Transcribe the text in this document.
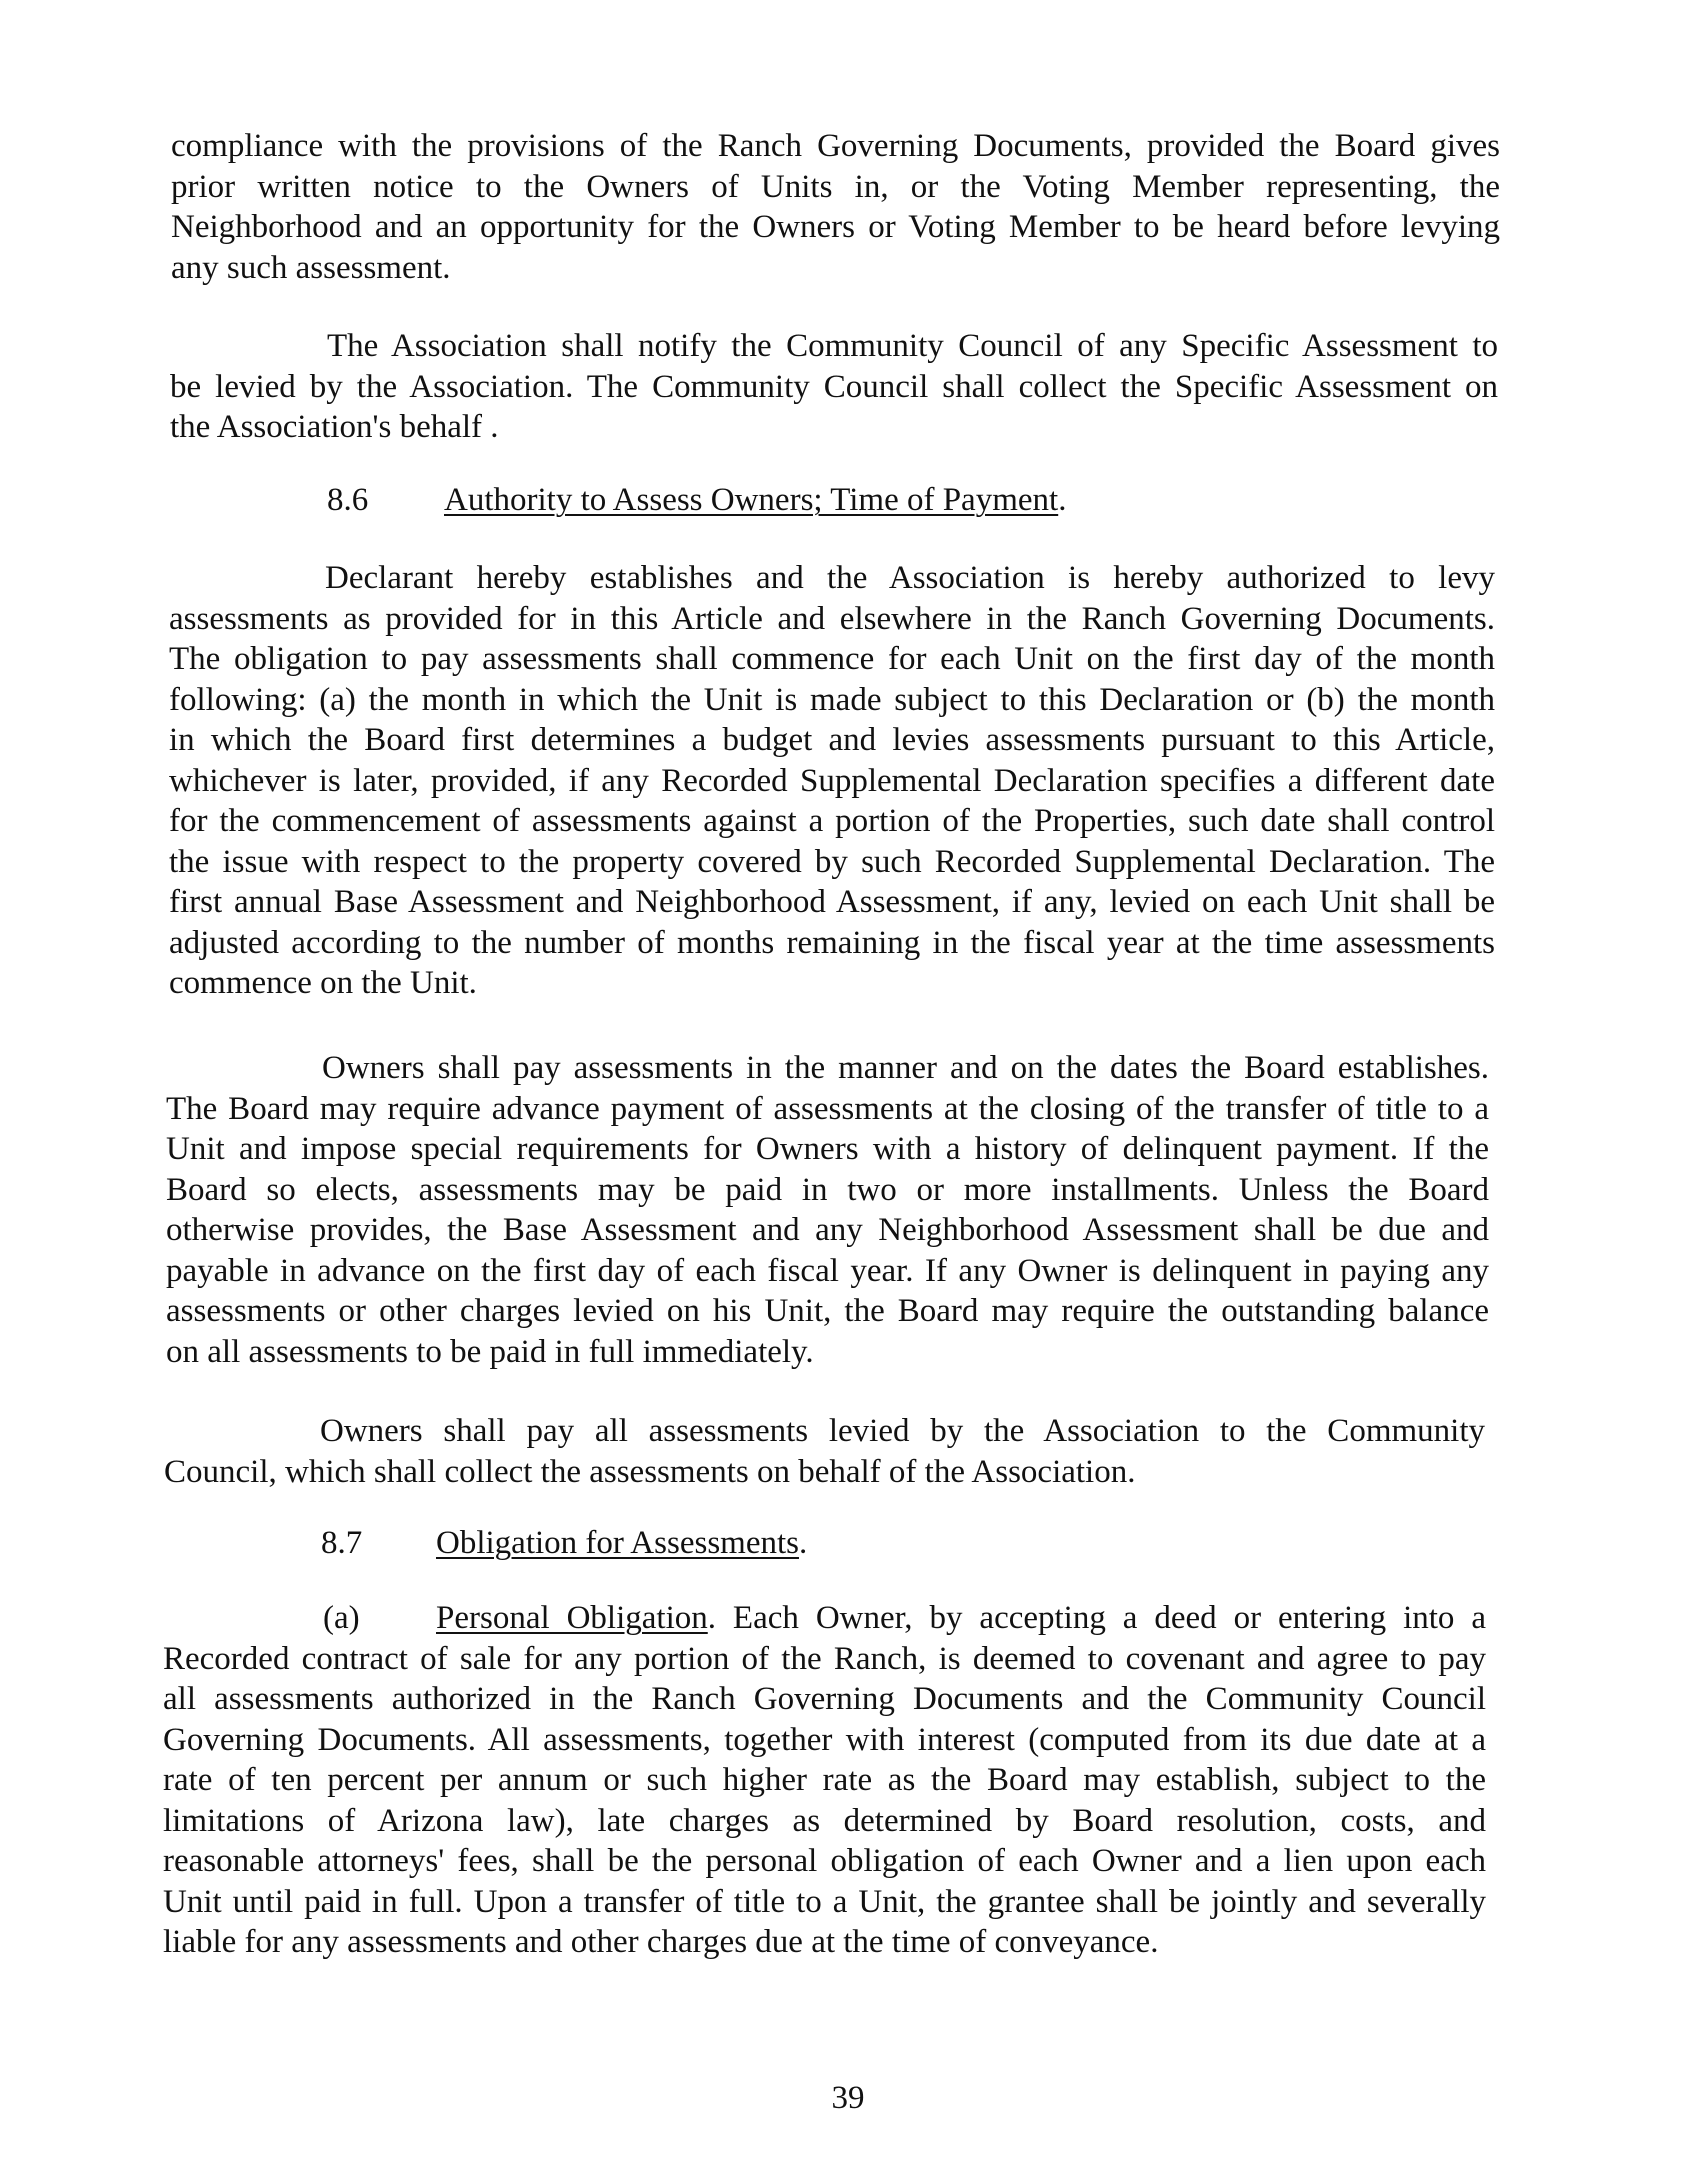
compliance with the provisions of the Ranch Governing Documents, provided the Board gives
prior written notice to the Owners of Units in, or the Voting Member representing, the
Neighborhood and an opportunity for the Owners or Voting Member to be heard before levying
any such assessment.
The Association shall notify the Community Council of any Specific Assessment to
be levied by the Association. The Community Council shall collect the Specific Assessment on
the Association's behalf .
Declarant hereby establishes and the Association is hereby authorized to levy
assessments as provided for in this Article and elsewhere in the Ranch Governing Documents.
The obligation to pay assessments shall commence for each Unit on the first day of the month
following: (a) the month in which the Unit is made subject to this Declaration or (b) the month
in which the Board first determines a budget and levies assessments pursuant to this Article,
whichever is later, provided, if any Recorded Supplemental Declaration specifies a different date
for the commencement of assessments against a portion of the Properties, such date shall control
the issue with respect to the property covered by such Recorded Supplemental Declaration. The
first annual Base Assessment and Neighborhood Assessment, if any, levied on each Unit shall be
adjusted according to the number of months remaining in the fiscal year at the time assessments
commence on the Unit.
Owners shall pay assessments in the manner and on the dates the Board establishes.
The Board may require advance payment of assessments at the closing of the transfer of title to a
Unit and impose special requirements for Owners with a history of delinquent payment. If the
Board so elects, assessments may be paid in two or more installments. Unless the Board
otherwise provides, the Base Assessment and any Neighborhood Assessment shall be due and
payable in advance on the first day of each fiscal year. If any Owner is delinquent in paying any
assessments or other charges levied on his Unit, the Board may require the outstanding balance
on all assessments to be paid in full immediately.
Owners shall pay all assessments levied by the Association to the Community
Council, which shall collect the assessments on behalf of the Association.
(a) Personal Obligation. Each Owner, by accepting a deed or entering into a
Recorded contract of sale for any portion of the Ranch, is deemed to covenant and agree to pay
all assessments authorized in the Ranch Governing Documents and the Community Council
Governing Documents. All assessments, together with interest (computed from its due date at a
rate of ten percent per annum or such higher rate as the Board may establish, subject to the
limitations of Arizona law), late charges as determined by Board resolution, costs, and
reasonable attorneys' fees, shall be the personal obligation of each Owner and a lien upon each
Unit until paid in full. Upon a transfer of title to a Unit, the grantee shall be jointly and severally
liable for any assessments and other charges due at the time of conveyance.
8.6 Authority to Assess Owners; Time of Payment.
8.7 Obligation for Assessments.
39
